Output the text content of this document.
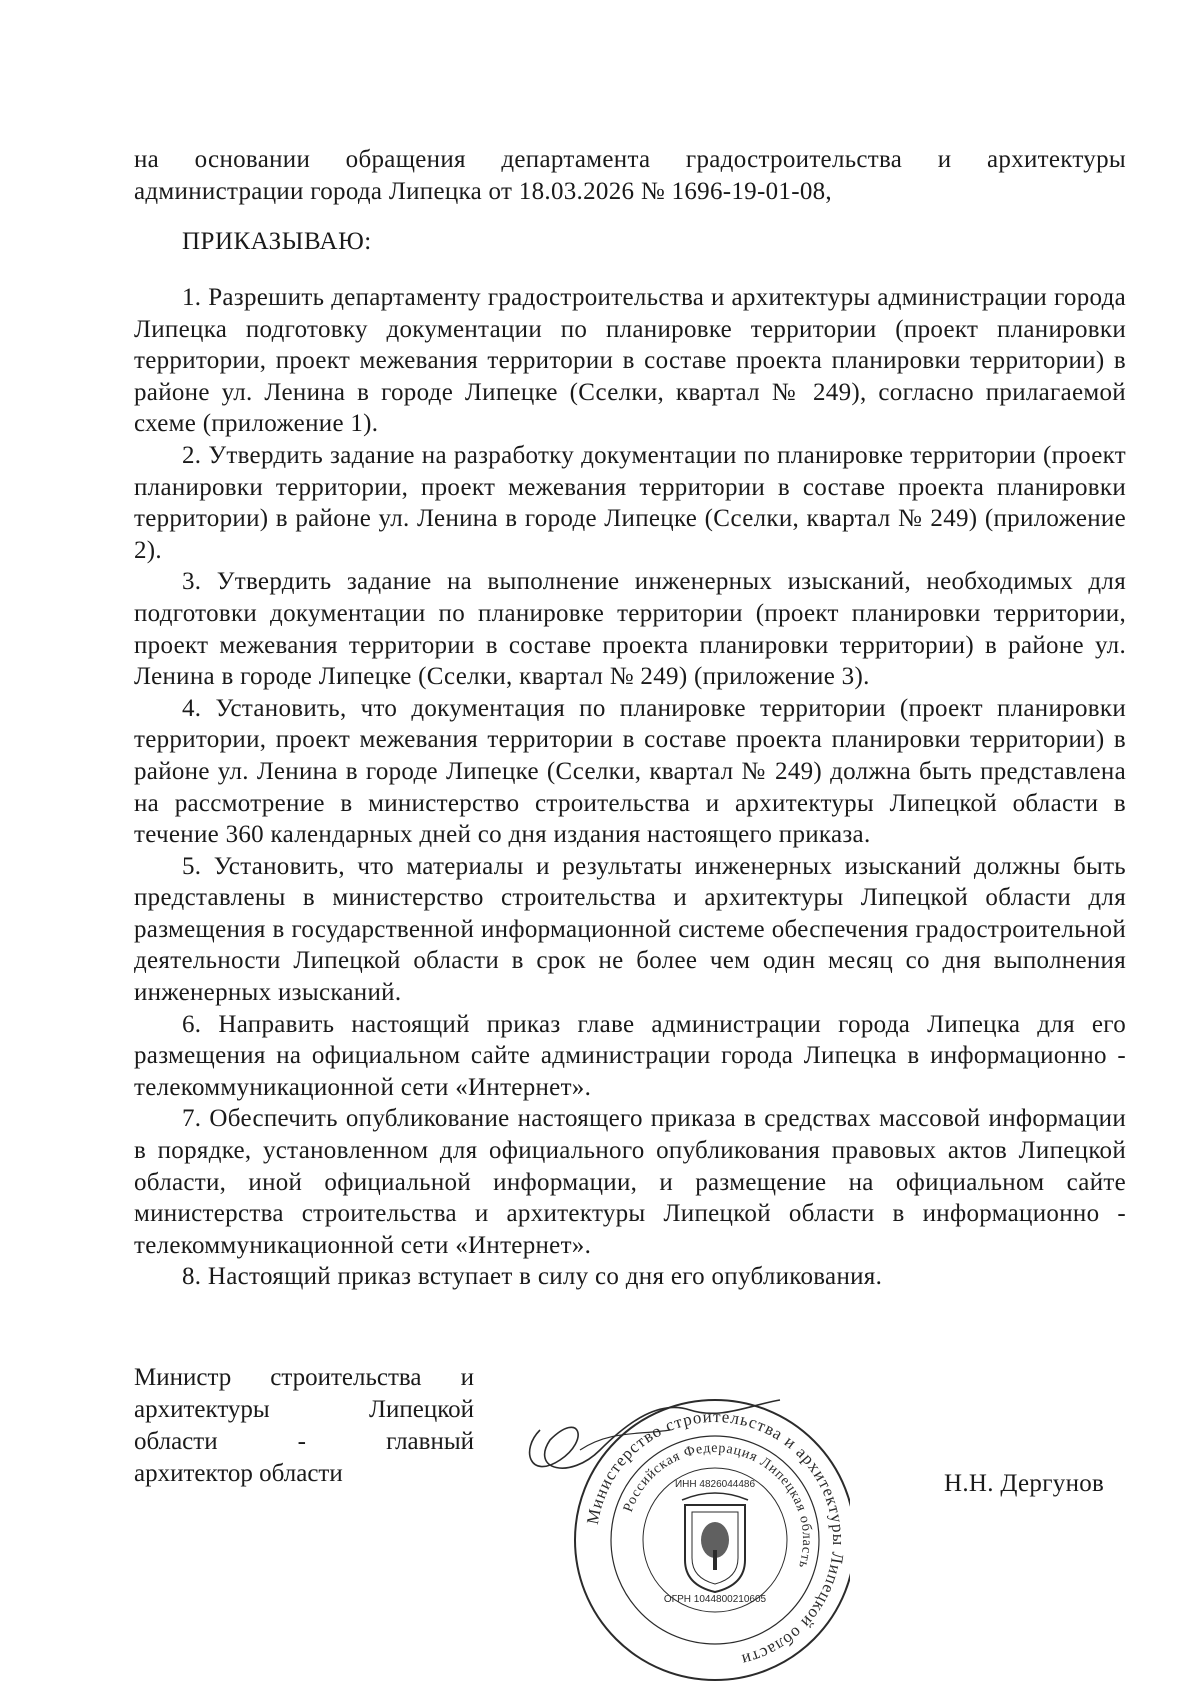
на основании обращения департамента градостроительства и архитектуры администрации города Липецка от 18.03.2026 № 1696-19-01-08,
ПРИКАЗЫВАЮ:

1. Разрешить департаменту градостроительства и архитектуры администрации города Липецка подготовку документации по планировке территории (проект планировки территории, проект межевания территории в составе проекта планировки территории) в районе ул. Ленина в городе Липецке (Сселки, квартал № 249), согласно прилагаемой схеме (приложение 1).

2. Утвердить задание на разработку документации по планировке территории (проект планировки территории, проект межевания территории в составе проекта планировки территории) в районе ул. Ленина в городе Липецке (Сселки, квартал № 249) (приложение 2).

3. Утвердить задание на выполнение инженерных изысканий, необходимых для подготовки документации по планировке территории (проект планировки территории, проект межевания территории в составе проекта планировки территории) в районе ул. Ленина в городе Липецке (Сселки, квартал № 249) (приложение 3).

4. Установить, что документация по планировке территории (проект планировки территории, проект межевания территории в составе проекта планировки территории) в районе ул. Ленина в городе Липецке (Сселки, квартал № 249) должна быть представлена на рассмотрение в министерство строительства и архитектуры Липецкой области в течение 360 календарных дней со дня издания настоящего приказа.

5. Установить, что материалы и результаты инженерных изысканий должны быть представлены в министерство строительства и архитектуры Липецкой области для размещения в государственной информационной системе обеспечения градостроительной деятельности Липецкой области в срок не более чем один месяц со дня выполнения инженерных изысканий.

6. Направить настоящий приказ главе администрации города Липецка для его размещения на официальном сайте администрации города Липецка в информационно - телекоммуникационной сети «Интернет».

7. Обеспечить опубликование настоящего приказа в средствах массовой информации в порядке, установленном для официального опубликования правовых актов Липецкой области, иной официальной информации, и размещение на официальном сайте министерства строительства и архитектуры Липецкой области в информационно - телекоммуникационной сети «Интернет».

8. Настоящий приказ вступает в силу со дня его опубликования.

Министр строительства и
архитектуры Липецкой
области - главный
архитектор области
Министерство строительства и архитектуры Липецкой области
Российская Федерация Липецкая область
ИНН 4826044486
ОГРН 1044800210605
Н.Н. Дергунов
